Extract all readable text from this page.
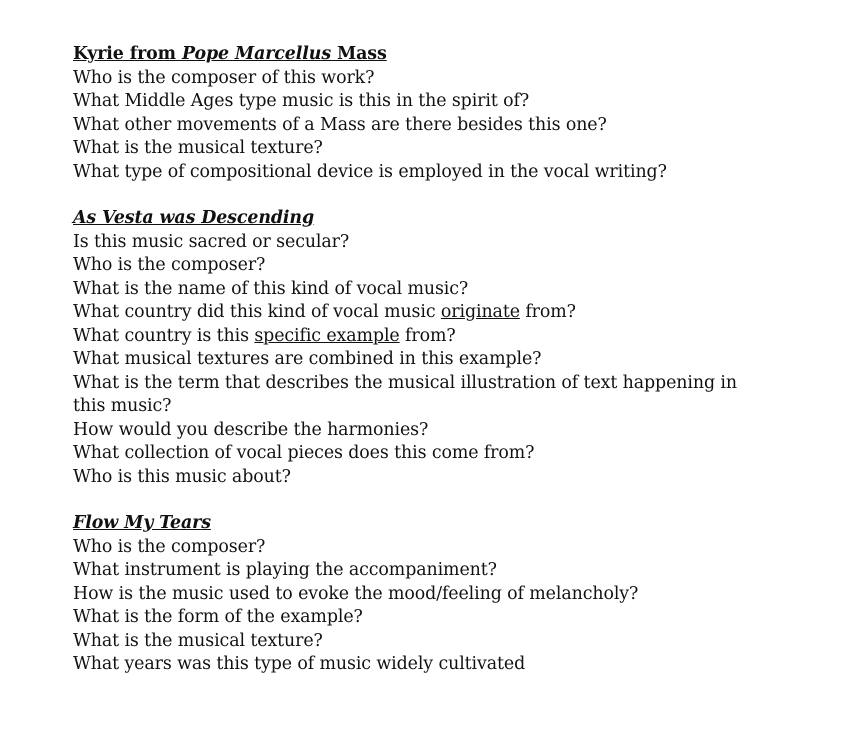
Kyrie from Pope Marcellus Mass
Who is the composer of this work?
What Middle Ages type music is this in the spirit of?
What other movements of a Mass are there besides this one?
What is the musical texture?
What type of compositional device is employed in the vocal writing?
As Vesta was Descending
Is this music sacred or secular?
Who is the composer?
What is the name of this kind of vocal music?
What country did this kind of vocal music originate from?
What country is this specific example from?
What musical textures are combined in this example?
What is the term that describes the musical illustration of text happening in this music?
How would you describe the harmonies?
What collection of vocal pieces does this come from?
Who is this music about?
Flow My Tears
Who is the composer?
What instrument is playing the accompaniment?
How is the music used to evoke the mood/feeling of melancholy?
What is the form of the example?
What is the musical texture?
What years was this type of music widely cultivated
